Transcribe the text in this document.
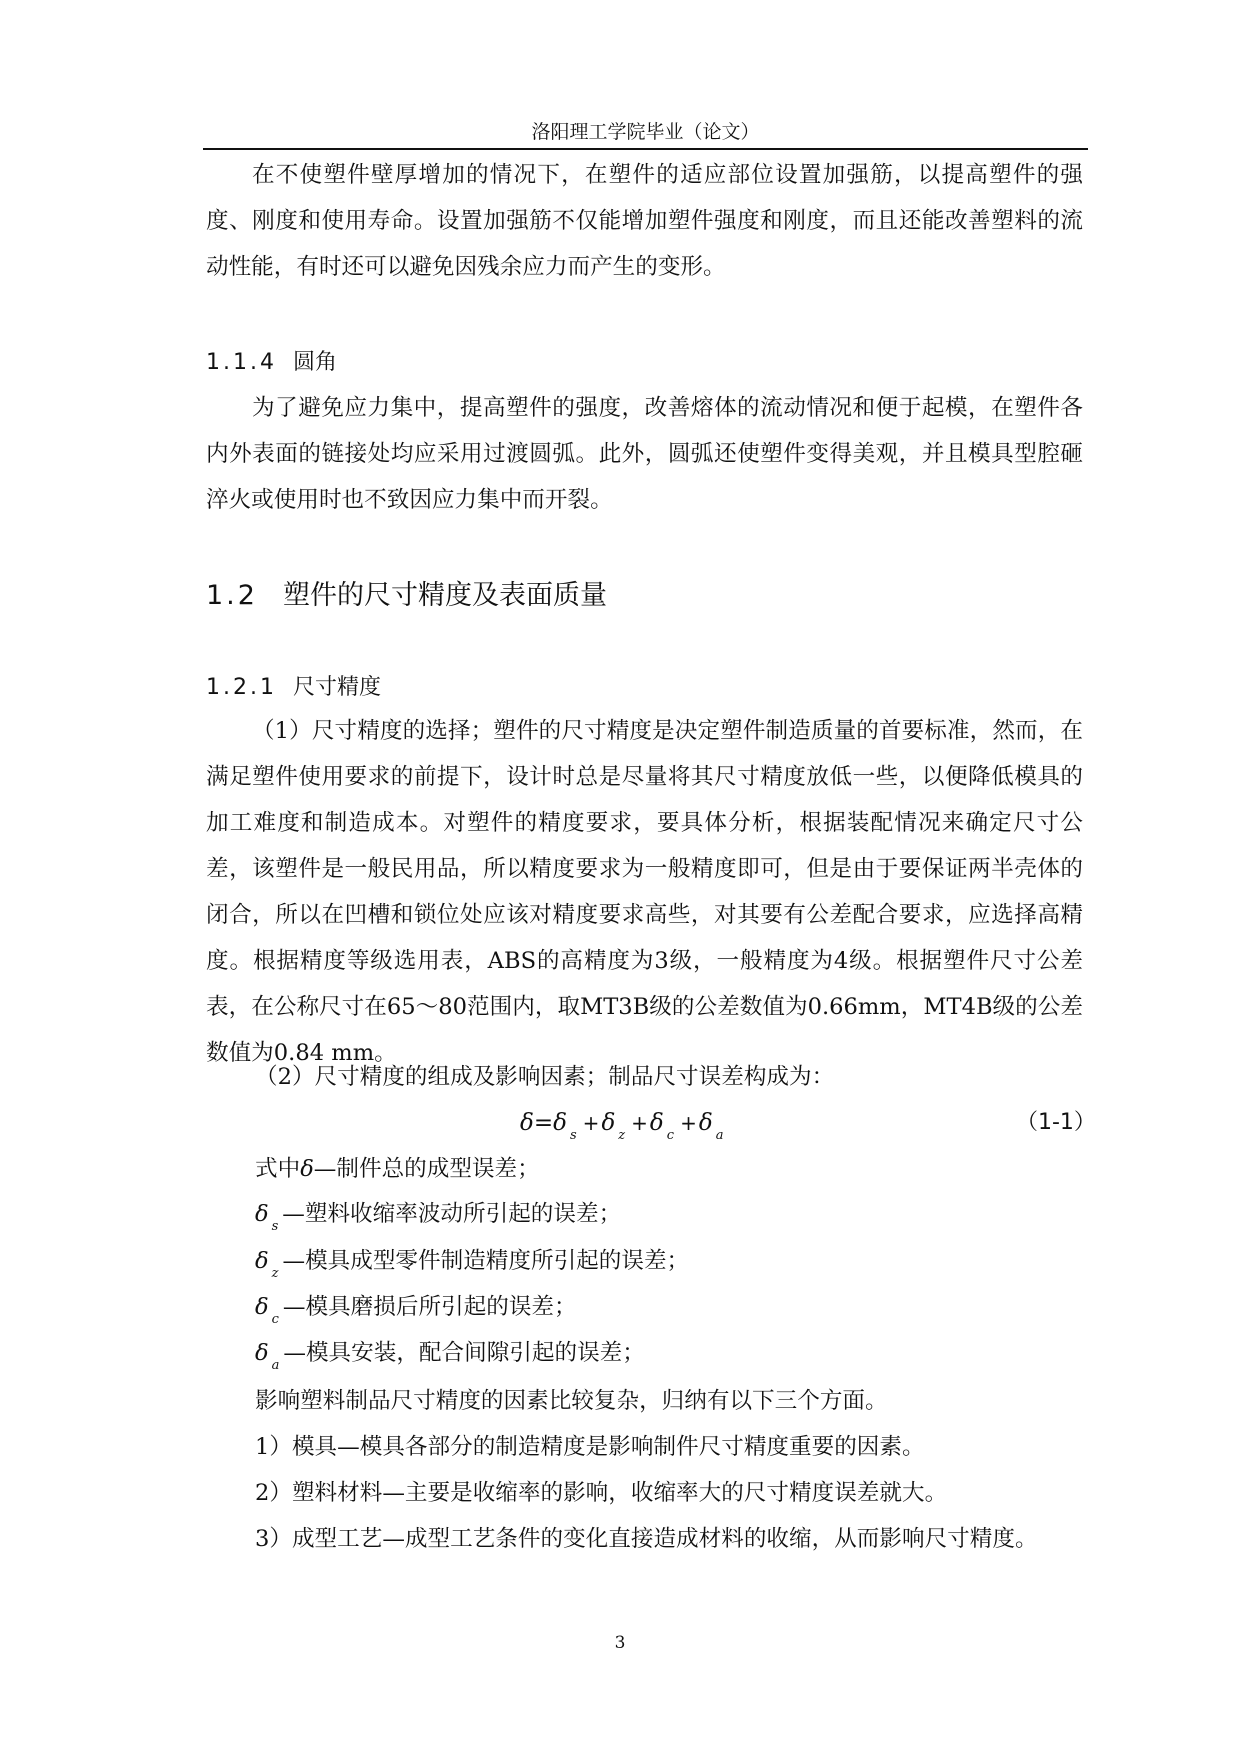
洛阳理工学院毕业（论文）
在不使塑件壁厚增加的情况下，在塑件的适应部位设置加强筋，以提高塑件的强度、刚度和使用寿命。设置加强筋不仅能增加塑件强度和刚度，而且还能改善塑料的流动性能，有时还可以避免因残余应力而产生的变形。
1.1.4 圆角
为了避免应力集中，提高塑件的强度，改善熔体的流动情况和便于起模，在塑件各内外表面的链接处均应采用过渡圆弧。此外，圆弧还使塑件变得美观，并且模具型腔砸淬火或使用时也不致因应力集中而开裂。
1.2 塑件的尺寸精度及表面质量
1.2.1 尺寸精度
（1）尺寸精度的选择；塑件的尺寸精度是决定塑件制造质量的首要标准，然而，在满足塑件使用要求的前提下，设计时总是尽量将其尺寸精度放低一些，以便降低模具的加工难度和制造成本。对塑件的精度要求，要具体分析，根据装配情况来确定尺寸公差，该塑件是一般民用品，所以精度要求为一般精度即可，但是由于要保证两半壳体的闭合，所以在凹槽和锁位处应该对精度要求高些，对其要有公差配合要求，应选择高精度。根据精度等级选用表，ABS的高精度为3级，一般精度为4级。根据塑件尺寸公差表，在公称尺寸在65～80范围内，取MT3B级的公差数值为0.66mm，MT4B级的公差数值为0.84 mm。
（2）尺寸精度的组成及影响因素；制品尺寸误差构成为：
δ=δ $_s$+δ $_z$+δ $_c$+δ $_a$
（1-1）
式中δ—制件总的成型误差；
δ $_s$ —塑料收缩率波动所引起的误差；
δ $_z$ —模具成型零件制造精度所引起的误差；
δ $_c$ —模具磨损后所引起的误差；
δ $_a$ —模具安装，配合间隙引起的误差；
影响塑料制品尺寸精度的因素比较复杂，归纳有以下三个方面。
1）模具—模具各部分的制造精度是影响制件尺寸精度重要的因素。
2）塑料材料—主要是收缩率的影响，收缩率大的尺寸精度误差就大。
3）成型工艺—成型工艺条件的变化直接造成材料的收缩，从而影响尺寸精度。
3
